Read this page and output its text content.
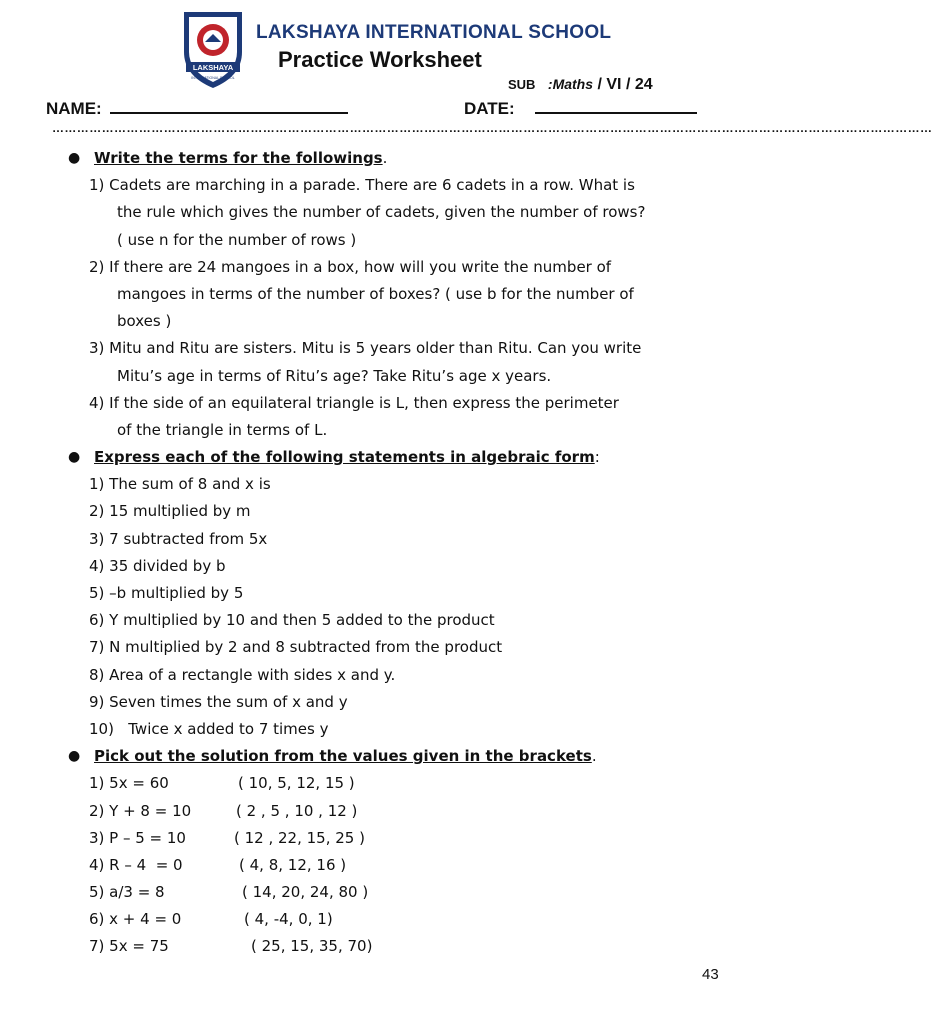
LAKSHAYA
INTERNATIONAL SCHOOL
LAKSHAYA INTERNATIONAL SCHOOL
Practice Worksheet
SUB :Maths / VI / 24
NAME:	DATE:
……………………………………………………………………………………………………………………………………………………………………………………………
● Write the terms for the followings.
1) Cadets are marching in a parade. There are 6 cadets in a row. What is
the rule which gives the number of cadets, given the number of rows?
( use n for the number of rows )
2) If there are 24 mangoes in a box, how will you write the number of
mangoes in terms of the number of boxes? ( use b for the number of
boxes )
3) Mitu and Ritu are sisters. Mitu is 5 years older than Ritu. Can you write
Mitu’s age in terms of Ritu’s age? Take Ritu’s age x years.
4) If the side of an equilateral triangle is L, then express the perimeter
of the triangle in terms of L.
● Express each of the following statements in algebraic form:
1) The sum of 8 and x is
2) 15 multiplied by m
3) 7 subtracted from 5x
4) 35 divided by b
5) –b multiplied by 5
6) Y multiplied by 10 and then 5 added to the product
7) N multiplied by 2 and 8 subtracted from the product
8) Area of a rectangle with sides x and y.
9) Seven times the sum of x and y
10)   Twice x added to 7 times y
● Pick out the solution from the values given in the brackets.
1) 5x = 60	( 10, 5, 12, 15 )
2) Y + 8 = 10	( 2 , 5 , 10 , 12 )
3) P – 5 = 10	( 12 , 22, 15, 25 )
4) R – 4  = 0	( 4, 8, 12, 16 )
5) a/3 = 8	( 14, 20, 24, 80 )
6) x + 4 = 0	( 4, -4, 0, 1)
7) 5x = 75	( 25, 15, 35, 70)
43
